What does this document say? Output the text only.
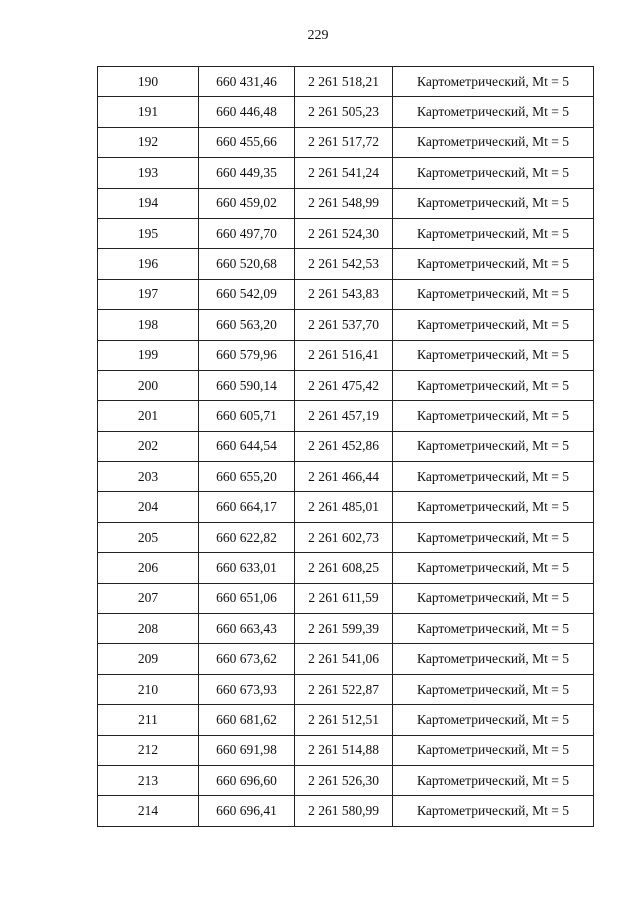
229
190	660 431,46	2 261 518,21	Картометрический, Mt = 5
191	660 446,48	2 261 505,23	Картометрический, Mt = 5
192	660 455,66	2 261 517,72	Картометрический, Mt = 5
193	660 449,35	2 261 541,24	Картометрический, Mt = 5
194	660 459,02	2 261 548,99	Картометрический, Mt = 5
195	660 497,70	2 261 524,30	Картометрический, Mt = 5
196	660 520,68	2 261 542,53	Картометрический, Mt = 5
197	660 542,09	2 261 543,83	Картометрический, Mt = 5
198	660 563,20	2 261 537,70	Картометрический, Mt = 5
199	660 579,96	2 261 516,41	Картометрический, Mt = 5
200	660 590,14	2 261 475,42	Картометрический, Mt = 5
201	660 605,71	2 261 457,19	Картометрический, Mt = 5
202	660 644,54	2 261 452,86	Картометрический, Mt = 5
203	660 655,20	2 261 466,44	Картометрический, Mt = 5
204	660 664,17	2 261 485,01	Картометрический, Mt = 5
205	660 622,82	2 261 602,73	Картометрический, Mt = 5
206	660 633,01	2 261 608,25	Картометрический, Mt = 5
207	660 651,06	2 261 611,59	Картометрический, Mt = 5
208	660 663,43	2 261 599,39	Картометрический, Mt = 5
209	660 673,62	2 261 541,06	Картометрический, Mt = 5
210	660 673,93	2 261 522,87	Картометрический, Mt = 5
211	660 681,62	2 261 512,51	Картометрический, Mt = 5
212	660 691,98	2 261 514,88	Картометрический, Mt = 5
213	660 696,60	2 261 526,30	Картометрический, Mt = 5
214	660 696,41	2 261 580,99	Картометрический, Mt = 5
